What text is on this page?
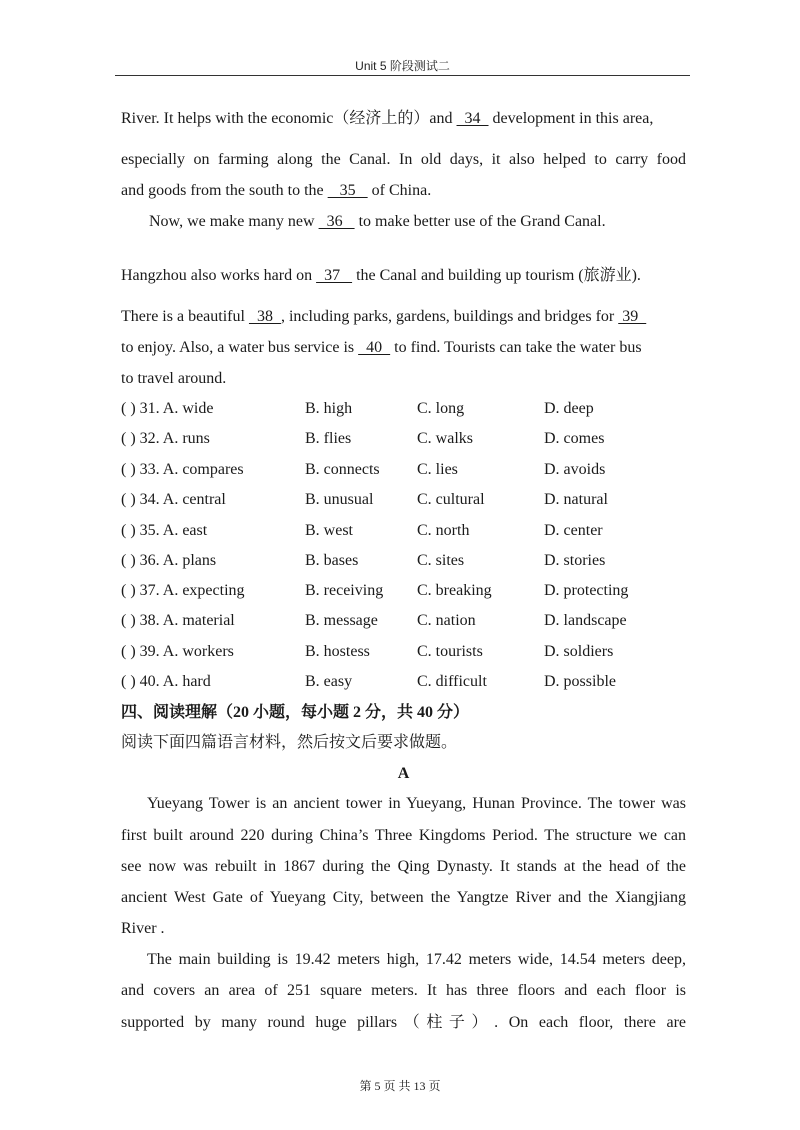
Unit 5 阶段测试二
River. It helps with the economic（经济上的）and   34   development in this area,
especially on farming along the Canal. In old days, it also helped to carry food
and goods from the south to the    35    of China.
Now, we make many new   36    to make better use of the Grand Canal.
Hangzhou also works hard on   37    the Canal and building up tourism (旅游业).
There is a beautiful   38  , including parks, gardens, buildings and bridges for  39
to enjoy. Also, a water bus service is   40   to find. Tourists can take the water bus
to travel around.
( ) 31. A. wide	B. high	C. long	D. deep
( ) 32. A. runs	B. flies	C. walks	D. comes
( ) 33. A. compares	B. connects C. lies	D. avoids
( ) 34. A. central	B. unusual	C. cultural	D. natural
( ) 35. A. east	B. west	C. north	D. center
( ) 36. A. plans	B. bases	C. sites	D. stories
( ) 37. A. expecting	B. receiving C. breaking	D. protecting
( ) 38. A. material	B. message C. nation	D. landscape
( ) 39. A. workers	B. hostess	C. tourists	D. soldiers
( ) 40. A. hard	B. easy	C. difficult	D. possible
四、阅读理解（20 小题，每小题 2 分，共 40 分）
阅读下面四篇语言材料，然后按文后要求做题。
A
Yueyang Tower is an ancient tower in Yueyang, Hunan Province. The tower was
first built around 220 during China’s Three Kingdoms Period. The structure we can
see now was rebuilt in 1867 during the Qing Dynasty. It stands at the head of the
ancient West Gate of Yueyang City, between the Yangtze River and the Xiangjiang
River .
The main building is 19.42 meters high, 17.42 meters wide, 14.54 meters deep,
and covers an area of 251 square meters. It has three floors and each floor is
supported by many round huge pillars（柱子）. On each floor, there are
第 5 页 共 13 页
